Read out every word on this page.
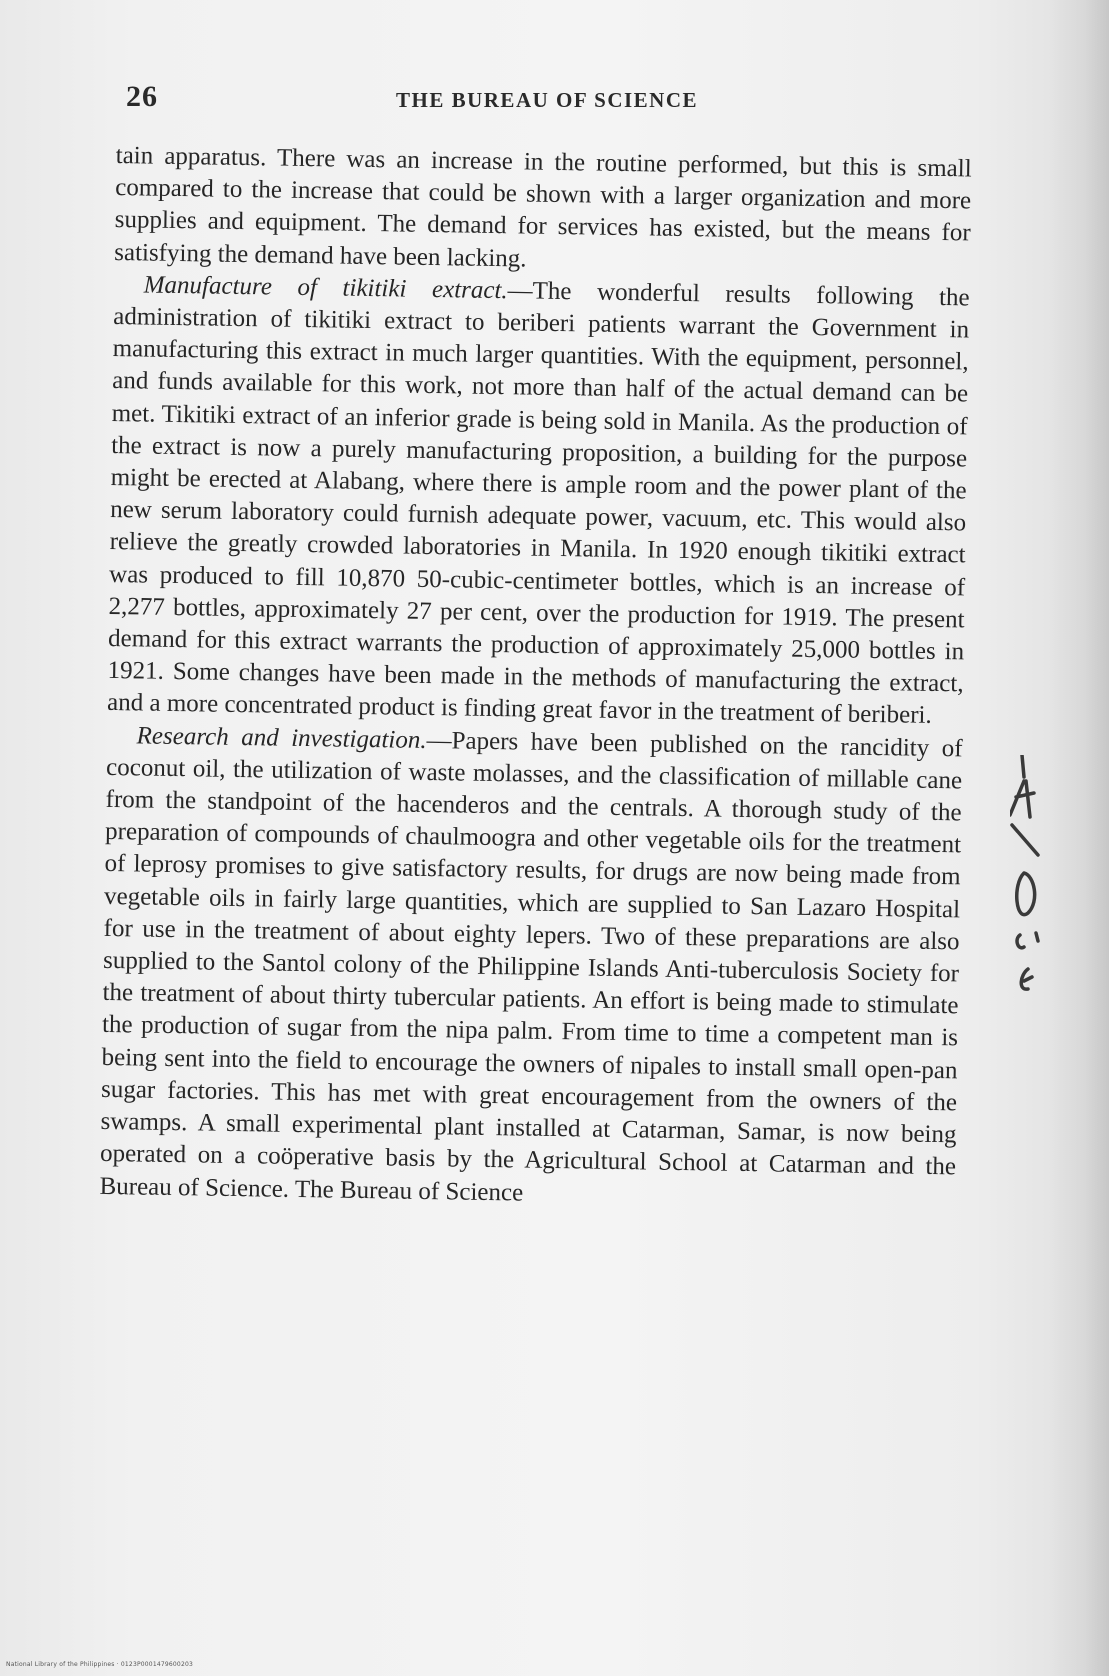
26	THE BUREAU OF SCIENCE

tain apparatus. There was an increase in the routine performed, but this is small compared to the increase that could be shown with a larger organization and more supplies and equipment. The demand for services has existed, but the means for satisfying the demand have been lacking.

Manufacture of tikitiki extract.—The wonderful results following the administration of tikitiki extract to beriberi patients warrant the Government in manufacturing this extract in much larger quantities. With the equipment, personnel, and funds available for this work, not more than half of the actual demand can be met. Tikitiki extract of an inferior grade is being sold in Manila. As the production of the extract is now a purely manufacturing proposition, a building for the purpose might be erected at Alabang, where there is ample room and the power plant of the new serum laboratory could furnish adequate power, vacuum, etc. This would also relieve the greatly crowded laboratories in Manila. In 1920 enough tikitiki extract was produced to fill 10,870 50-cubic-centimeter bottles, which is an increase of 2,277 bottles, approximately 27 per cent, over the production for 1919. The present demand for this extract warrants the production of approximately 25,000 bottles in 1921. Some changes have been made in the methods of manufacturing the extract, and a more concentrated product is finding great favor in the treatment of beriberi.

Research and investigation.—Papers have been published on the rancidity of coconut oil, the utilization of waste molasses, and the classification of millable cane from the standpoint of the hacenderos and the centrals. A thorough study of the preparation of compounds of chaulmoogra and other vegetable oils for the treatment of leprosy promises to give satisfactory results, for drugs are now being made from vegetable oils in fairly large quantities, which are supplied to San Lazaro Hospital for use in the treatment of about eighty lepers. Two of these preparations are also supplied to the Santol colony of the Philippine Islands Anti-tuberculosis Society for the treatment of about thirty tubercular patients. An effort is being made to stimulate the production of sugar from the nipa palm. From time to time a competent man is being sent into the field to encourage the owners of nipales to install small open-pan sugar factories. This has met with great encouragement from the owners of the swamps. A small experimental plant installed at Catarman, Samar, is now being operated on a coöperative basis by the Agricultural School at Catarman and the Bureau of Science. The Bureau of Science

National Library of the Philippines · 0123P0001479600203
